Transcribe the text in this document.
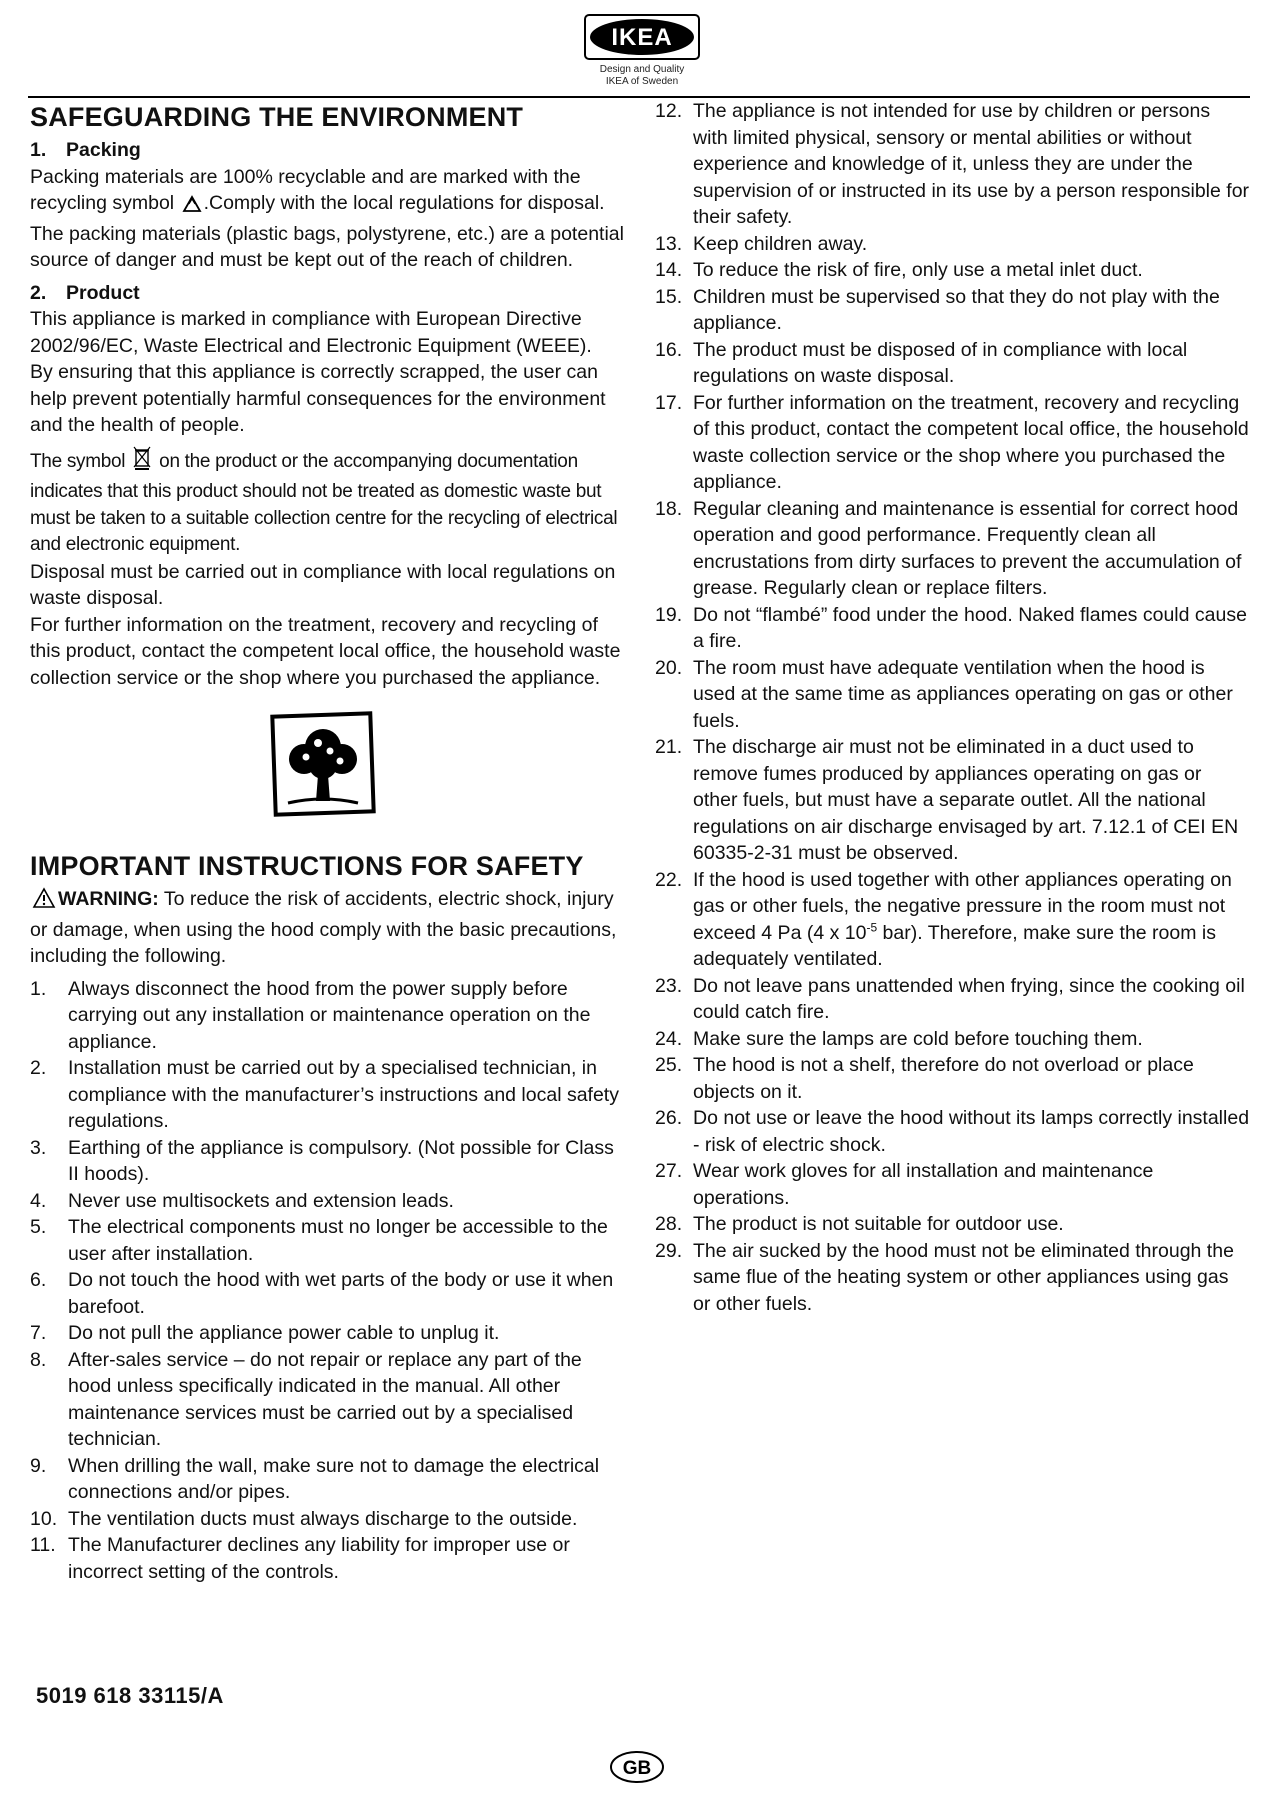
IKEA
Design and Quality
IKEA of Sweden
SAFEGUARDING THE ENVIRONMENT
1. Packing

Packing materials are 100% recyclable and are marked with the recycling symbol .Comply with the local regulations for disposal. The packing materials (plastic bags, polystyrene, etc.) are a potential source of danger and must be kept out of the reach of children.

2. Product

This appliance is marked in compliance with European Directive 2002/96/EC, Waste Electrical and Electronic Equipment (WEEE).

By ensuring that this appliance is correctly scrapped, the user can help prevent potentially harmful consequences for the environment and the health of people.

The symbol on the product or the accompanying documentation indicates that this product should not be treated as domestic waste but must be taken to a suitable collection centre for the recycling of electrical and electronic equipment.

Disposal must be carried out in compliance with local regulations on waste disposal.

For further information on the treatment, recovery and recycling of this product, contact the competent local office, the household waste collection service or the shop where you purchased the appliance.

IMPORTANT INSTRUCTIONS FOR SAFETY

WARNING: To reduce the risk of accidents, electric shock, injury or damage, when using the hood comply with the basic precautions, including the following.

1.	Always disconnect the hood from the power supply before carrying out any installation or maintenance operation on the appliance.
2.	Installation must be carried out by a specialised technician, in compliance with the manufacturer’s instructions and local safety regulations.
3.	Earthing of the appliance is compulsory. (Not possible for Class II hoods).
4.	Never use multisockets and extension leads.
5.	The electrical components must no longer be accessible to the user after installation.
6.	Do not touch the hood with wet parts of the body or use it when barefoot.
7.	Do not pull the appliance power cable to unplug it.
8.	After-sales service – do not repair or replace any part of the hood unless specifically indicated in the manual. All other maintenance services must be carried out by a specialised technician.
9.	When drilling the wall, make sure not to damage the electrical connections and/or pipes.
10. The ventilation ducts must always discharge to the outside.
11. The Manufacturer declines any liability for improper use or incorrect setting of the controls.
12. The appliance is not intended for use by children or persons with limited physical, sensory or mental abilities or without experience and knowledge of it, unless they are under the supervision of or instructed in its use by a person responsible for their safety.
13. Keep children away.
14. To reduce the risk of fire, only use a metal inlet duct.
15. Children must be supervised so that they do not play with the appliance.
16. The product must be disposed of in compliance with local regulations on waste disposal.
17. For further information on the treatment, recovery and recycling of this product, contact the competent local office, the household waste collection service or the shop where you purchased the appliance.
18. Regular cleaning and maintenance is essential for correct hood operation and good performance. Frequently clean all encrustations from dirty surfaces to prevent the accumulation of grease. Regularly clean or replace filters.
19. Do not “flambé” food under the hood. Naked flames could cause a fire.
20. The room must have adequate ventilation when the hood is used at the same time as appliances operating on gas or other fuels.
21. The discharge air must not be eliminated in a duct used to remove fumes produced by appliances operating on gas or other fuels, but must have a separate outlet. All the national regulations on air discharge envisaged by art. 7.12.1 of CEI EN 60335-2-31 must be observed.
22. If the hood is used together with other appliances operating on gas or other fuels, the negative pressure in the room must not exceed 4 Pa (4 x $10^{-5}$ bar). Therefore, make sure the room is adequately ventilated.
23. Do not leave pans unattended when frying, since the cooking oil could catch fire.
24. Make sure the lamps are cold before touching them.
25. The hood is not a shelf, therefore do not overload or place objects on it.
26. Do not use or leave the hood without its lamps correctly installed - risk of electric shock.
27. Wear work gloves for all installation and maintenance operations.
28. The product is not suitable for outdoor use.
29. The air sucked by the hood must not be eliminated through the same flue of the heating system or other appliances using gas or other fuels.
5019 618 33115/A
GB
